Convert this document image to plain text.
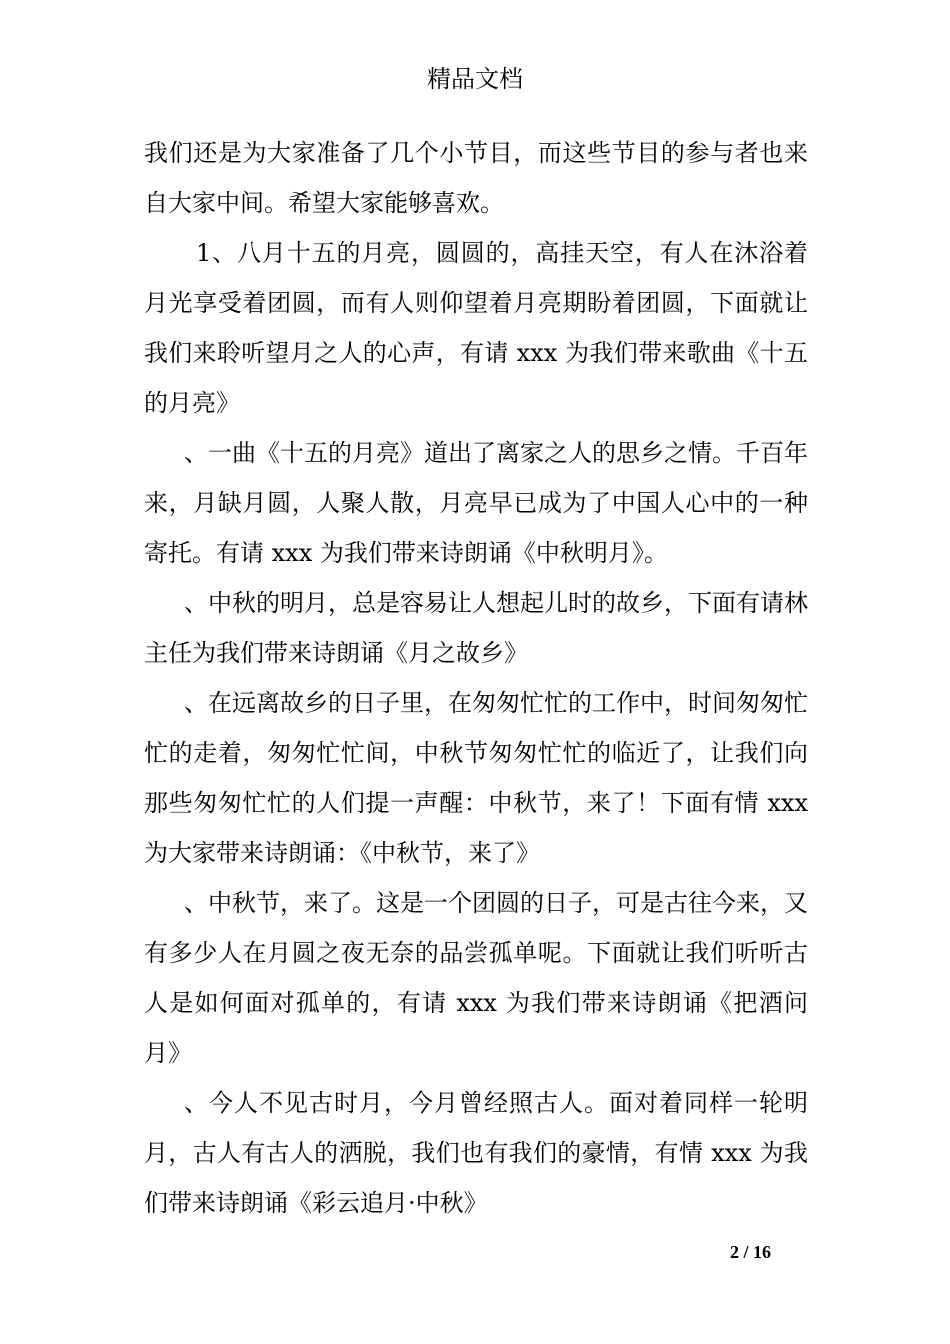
精品文档

我们还是为大家准备了几个小节目，而这些节目的参与者也来自大家中间。希望大家能够喜欢。

1、八月十五的月亮，圆圆的，高挂天空，有人在沐浴着月光享受着团圆，而有人则仰望着月亮期盼着团圆，下面就让我们来聆听望月之人的心声，有请 xxx 为我们带来歌曲《十五的月亮》

、一曲《十五的月亮》道出了离家之人的思乡之情。千百年来，月缺月圆，人聚人散，月亮早已成为了中国人心中的一种寄托。有请 xxx 为我们带来诗朗诵《中秋明月》。

、中秋的明月，总是容易让人想起儿时的故乡，下面有请林主任为我们带来诗朗诵《月之故乡》

、在远离故乡的日子里，在匆匆忙忙的工作中，时间匆匆忙忙的走着，匆匆忙忙间，中秋节匆匆忙忙的临近了，让我们向那些匆匆忙忙的人们提一声醒：中秋节，来了！下面有情 xxx 为大家带来诗朗诵：《中秋节，来了》

、中秋节，来了。这是一个团圆的日子，可是古往今来，又有多少人在月圆之夜无奈的品尝孤单呢。下面就让我们听听古人是如何面对孤单的，有请 xxx 为我们带来诗朗诵《把酒问月》

、今人不见古时月，今月曾经照古人。面对着同样一轮明月，古人有古人的洒脱，我们也有我们的豪情，有情 xxx 为我们带来诗朗诵《彩云追月·中秋》

2 / 16
